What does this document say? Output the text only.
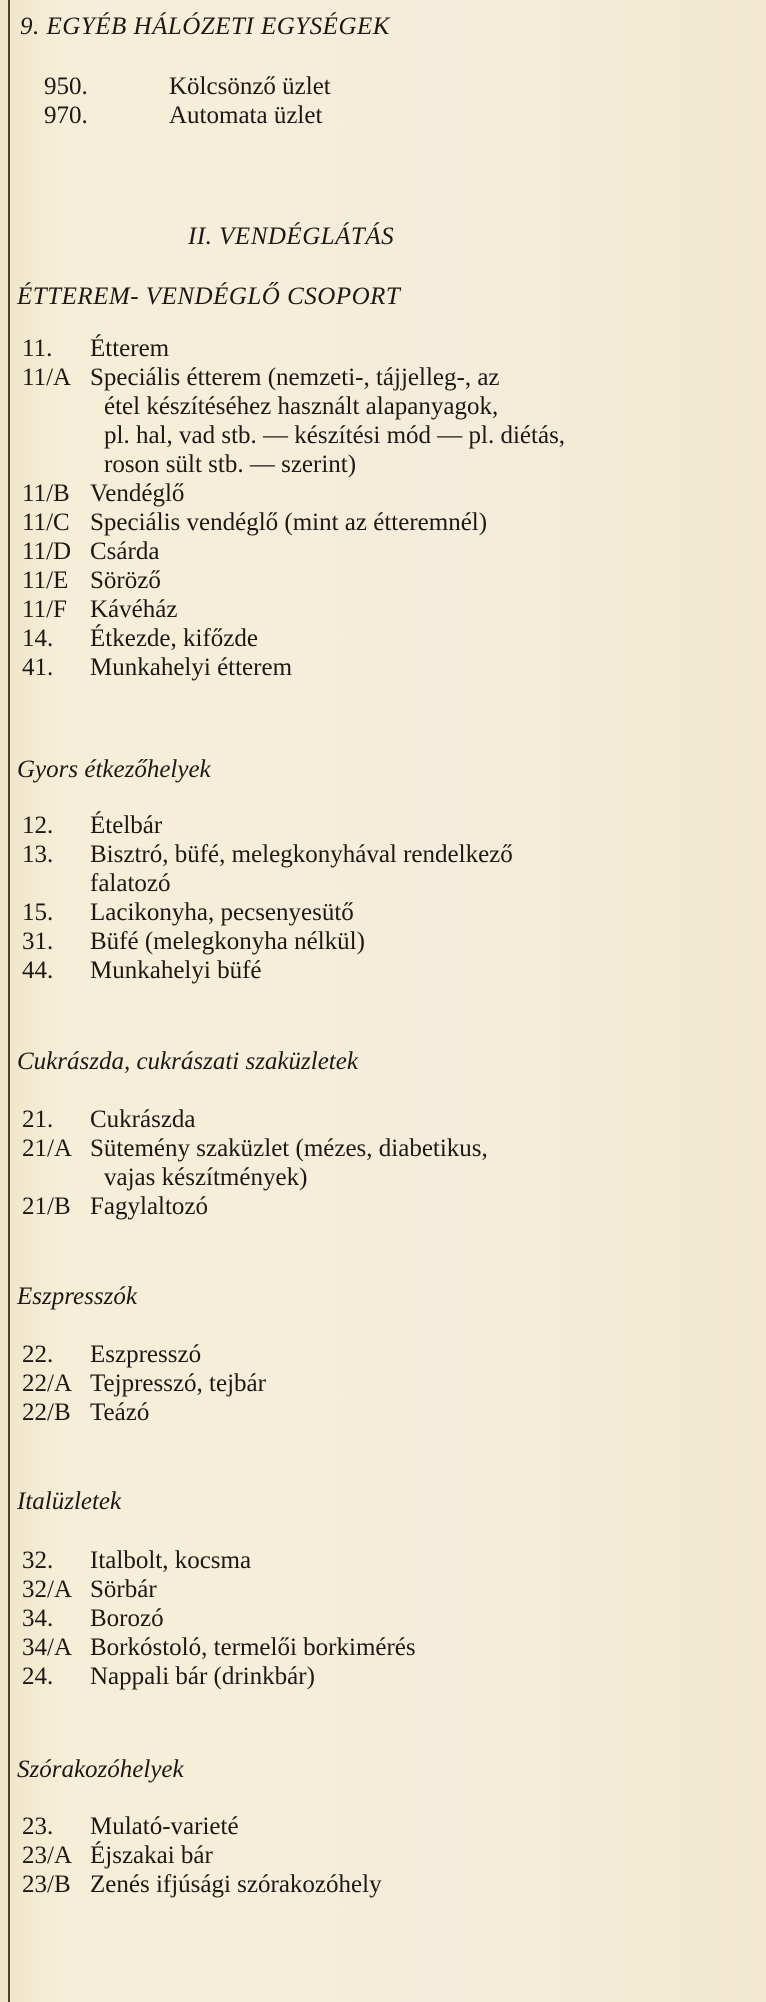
9. EGYÉB HÁLÓZETI EGYSÉGEK
950.	Kölcsönző üzlet
970.	Automata üzlet
II. VENDÉGLÁTÁS
ÉTTEREM- VENDÉGLŐ CSOPORT
11. Étterem
11/A Speciális étterem (nemzeti-, tájjelleg-, az
étel készítéséhez használt alapanyagok,
pl. hal, vad stb. — készítési mód — pl. diétás,
roson sült stb. — szerint)
11/B Vendéglő
11/C Speciális vendéglő (mint az étteremnél)
11/D Csárda
11/E Söröző
11/F Kávéház
14. Étkezde, kifőzde
41. Munkahelyi étterem
Gyors étkezőhelyek
12. Ételbár
13. Bisztró, büfé, melegkonyhával rendelkező
falatozó
15. Lacikonyha, pecsenyesütő
31. Büfé (melegkonyha nélkül)
44. Munkahelyi büfé
Cukrászda, cukrászati szaküzletek
21. Cukrászda
21/A Sütemény szaküzlet (mézes, diabetikus,
vajas készítmények)
21/B Fagylaltozó
Eszpresszók
22. Eszpresszó
22/A Tejpresszó, tejbár
22/B Teázó
Italüzletek
32. Italbolt, kocsma
32/A Sörbár
34. Borozó
34/A Borkóstoló, termelői borkimérés
24. Nappali bár (drinkbár)
Szórakozóhelyek
23. Mulató-varieté
23/A Éjszakai bár
23/B Zenés ifjúsági szórakozóhely
